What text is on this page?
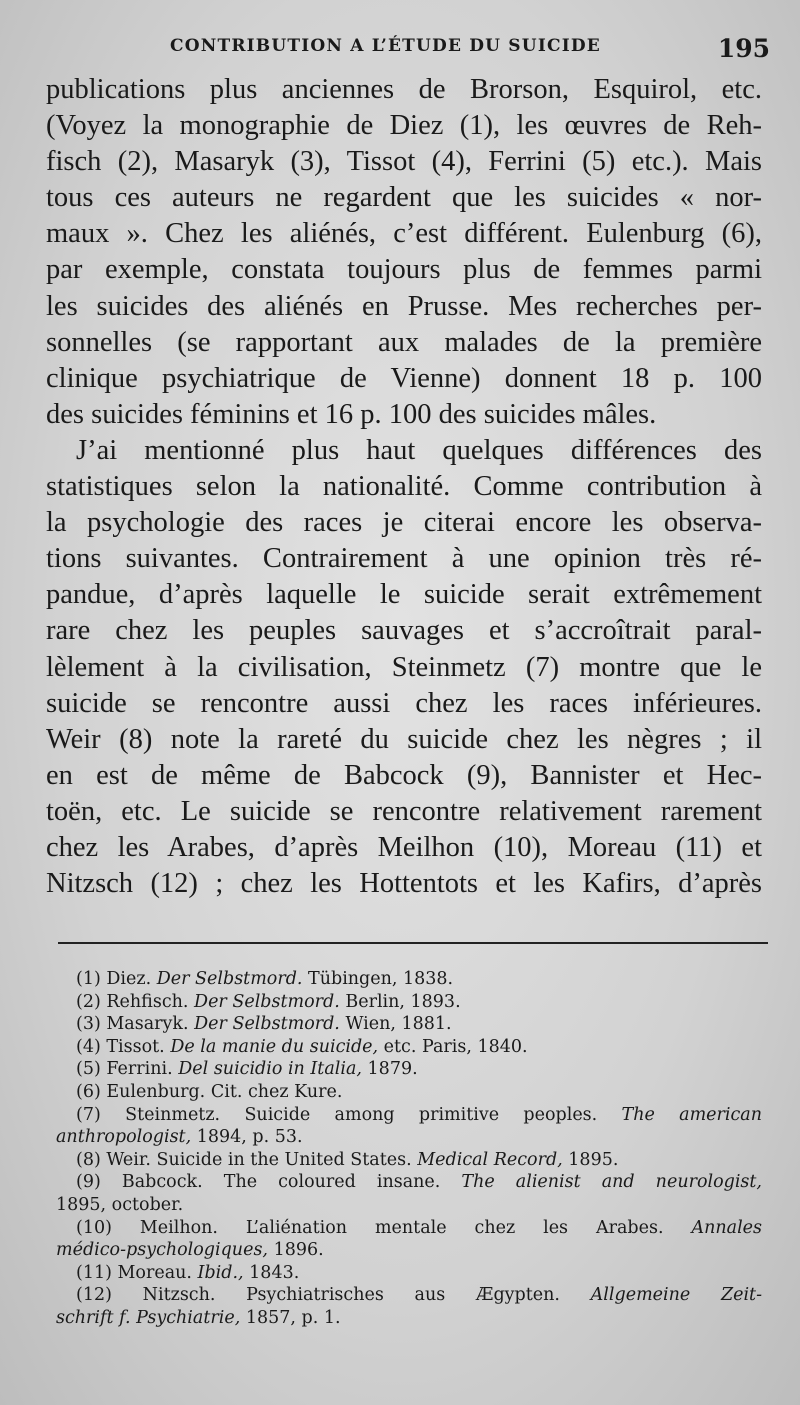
CONTRIBUTION A L’ÉTUDE DU SUICIDE	195
publications plus anciennes de Brorson, Esquirol, etc.
(Voyez la monographie de Diez (1), les œuvres de Reh-
fisch (2), Masaryk (3), Tissot (4), Ferrini (5) etc.). Mais
tous ces auteurs ne regardent que les suicides « nor-
maux ». Chez les aliénés, c’est différent. Eulenburg (6),
par exemple, constata toujours plus de femmes parmi
les suicides des aliénés en Prusse. Mes recherches per-
sonnelles (se rapportant aux malades de la première
clinique psychiatrique de Vienne) donnent 18 p. 100
des suicides féminins et 16 p. 100 des suicides mâles.
J’ai mentionné plus haut quelques différences des
statistiques selon la nationalité. Comme contribution à
la psychologie des races je citerai encore les observa-
tions suivantes. Contrairement à une opinion très ré-
pandue, d’après laquelle le suicide serait extrêmement
rare chez les peuples sauvages et s’accroîtrait paral-
lèlement à la civilisation, Steinmetz (7) montre que le
suicide se rencontre aussi chez les races inférieures.
Weir (8) note la rareté du suicide chez les nègres ; il
en est de même de Babcock (9), Bannister et Hec-
toën, etc. Le suicide se rencontre relativement rarement
chez les Arabes, d’après Meilhon (10), Moreau (11) et
Nitzsch (12) ; chez les Hottentots et les Kafirs, d’après
(1) Diez. Der Selbstmord. Tübingen, 1838.
(2) Rehfisch. Der Selbstmord. Berlin, 1893.
(3) Masaryk. Der Selbstmord. Wien, 1881.
(4) Tissot. De la manie du suicide, etc. Paris, 1840.
(5) Ferrini. Del suicidio in Italia, 1879.
(6) Eulenburg. Cit. chez Kure.
(7) Steinmetz. Suicide among primitive peoples. The american
anthropologist, 1894, p. 53.
(8) Weir. Suicide in the United States. Medical Record, 1895.
(9) Babcock. The coloured insane. The alienist and neurologist,
1895, october.
(10) Meilhon. L’aliénation mentale chez les Arabes. Annales
médico-psychologiques, 1896.
(11) Moreau. Ibid., 1843.
(12) Nitzsch. Psychiatrisches aus Ægypten. Allgemeine Zeit-
schrift f. Psychiatrie, 1857, p. 1.
